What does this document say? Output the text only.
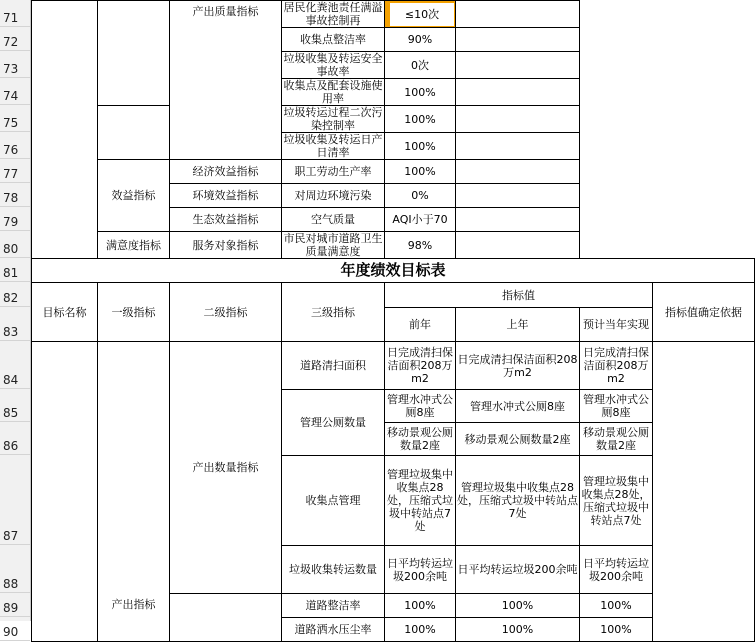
71
72
73
74
75
76
77
78
79
80
81
82
83
84
85
86
87
88
89
90
		产出质量指标	居民化粪池责任满溢事故控制再	≤10次			

			收集点整洁率	90%			
			垃圾收集及转运安全事故率	0次			
			收集点及配套设施使用率	100%			
			垃圾转运过程二次污染控制率	100%			
			垃圾收集及转运日产日清率	100%			
	效益指标	经济效益指标	职工劳动生产率	100%			
		环境效益指标	对周边环境污染	0%			
		生态效益指标	空气质量	AQI小于70			
	满意度指标	服务对象指标	市民对城市道路卫生质量满意度	98%			
年度绩效目标表							
目标名称	一级指标	二级指标	三级指标	指标值			指标值确定依据
				前年	上年	预计当年实现	
	产出指标	产出数量指标	道路清扫面积	日完成清扫保洁面积208万m2	日完成清扫保洁面积208万m2	日完成清扫保洁面积208万m2	
			管理公厕数量	管理水冲式公厕8座	管理水冲式公厕8座	管理水冲式公厕8座	
				移动景观公厕数量2座	移动景观公厕数量2座	移动景观公厕数量2座	
			收集点管理	管理垃圾集中收集点28处，压缩式垃圾中转站点7处	管理垃圾集中收集点28处，压缩式垃圾中转站点7处	管理垃圾集中收集点28处，压缩式垃圾中转站点7处	
			垃圾收集转运数量	日平均转运垃圾200余吨	日平均转运垃圾200余吨	日平均转运垃圾200余吨	
			道路整洁率	100%	100%	100%	
			道路洒水压尘率	100%	100%	100%	
